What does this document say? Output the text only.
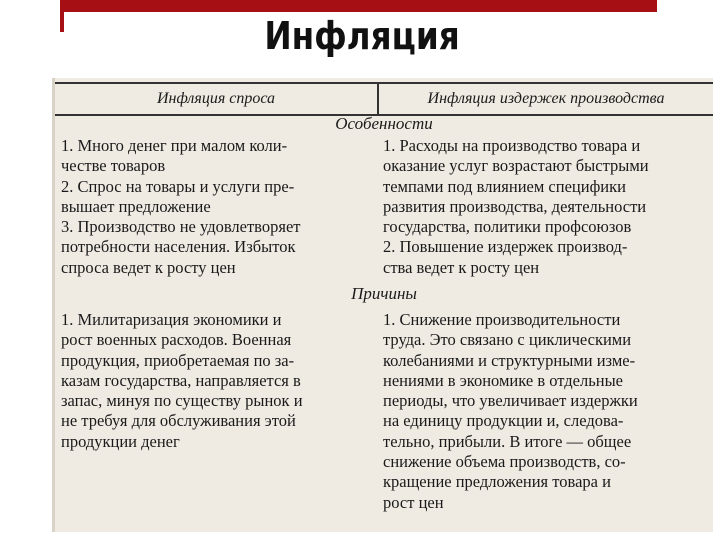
Инфляция
Инфляция спроса	Инфляция издержек производства
Особенности
1. Много денег при малом коли-
честве товаров
2. Спрос на товары и услуги пре-
вышает предложение
3. Производство не удовлетворяет
потребности населения. Избыток
спроса ведет к росту цен
1. Расходы на производство товара и
оказание услуг возрастают быстрыми
темпами под влиянием специфики
развития производства, деятельности
государства, политики профсоюзов
2. Повышение издержек производ-
ства ведет к росту цен
Причины
1. Милитаризация экономики и
рост военных расходов. Военная
продукция, приобретаемая по за-
казам государства, направляется в
запас, минуя по существу рынок и
не требуя для обслуживания этой
продукции денег
1. Снижение производительности
труда. Это связано с циклическими
колебаниями и структурными изме-
нениями в экономике в отдельные
периоды, что увеличивает издержки
на единицу продукции и, следова-
тельно, прибыли. В итоге — общее
снижение объема производств, со-
кращение предложения товара и
рост цен
